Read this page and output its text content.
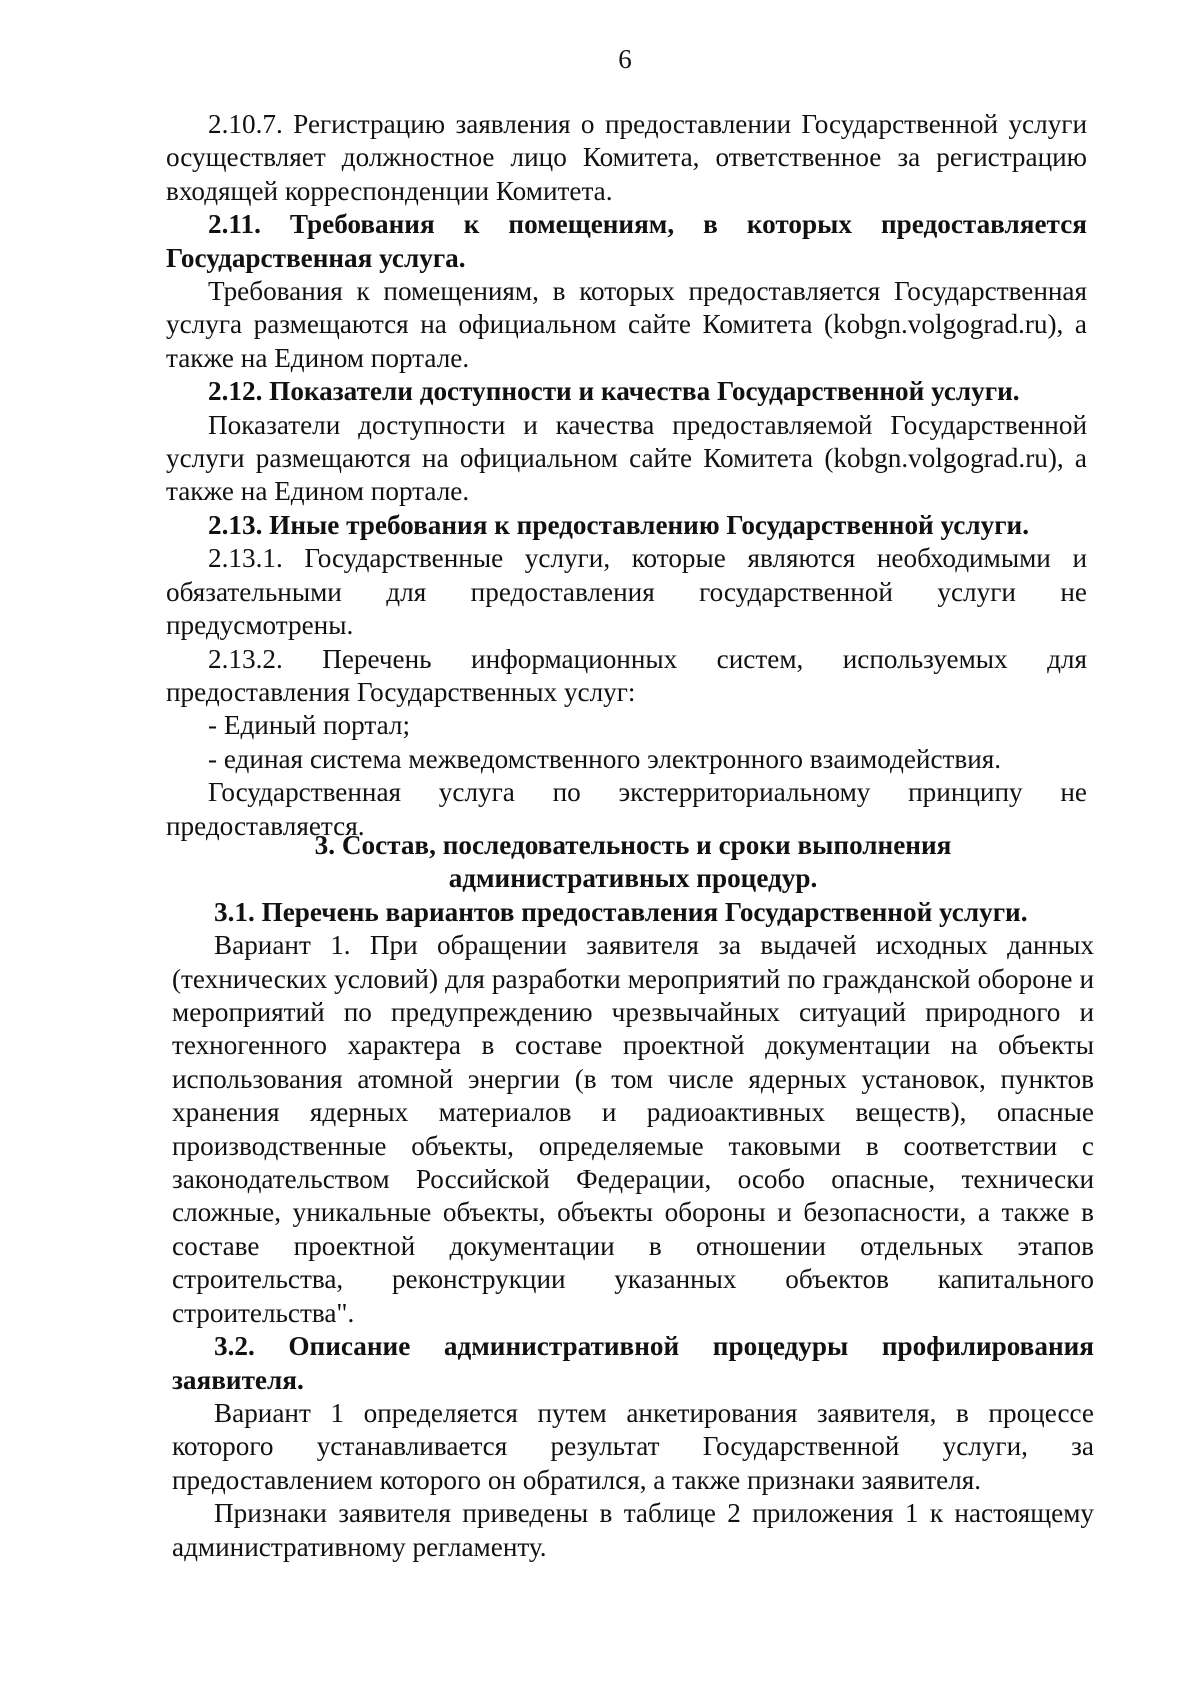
6

2.10.7. Регистрацию заявления о предоставлении Государственной услуги осуществляет должностное лицо Комитета, ответственное за регистрацию входящей корреспонденции Комитета.

2.11. Требования к помещениям, в которых предоставляется Государственная услуга.

Требования к помещениям, в которых предоставляется Государственная услуга размещаются на официальном сайте Комитета (kobgn.volgograd.ru), а также на Едином портале.

2.12. Показатели доступности и качества Государственной услуги.

Показатели доступности и качества предоставляемой Государственной услуги размещаются на официальном сайте Комитета (kobgn.volgograd.ru), а также на Едином портале.

2.13. Иные требования к предоставлению Государственной услуги.

2.13.1. Государственные услуги, которые являются необходимыми и обязательными для предоставления государственной услуги не предусмотрены.

2.13.2. Перечень информационных систем, используемых для предоставления Государственных услуг:

- Единый портал;

- единая система межведомственного электронного взаимодействия.

Государственная услуга по экстерриториальному принципу не предоставляется.

3. Состав, последовательность и сроки выполнения

административных процедур.

3.1. Перечень вариантов предоставления Государственной услуги.

Вариант 1. При обращении заявителя за выдачей исходных данных (технических условий) для разработки мероприятий по гражданской обороне и мероприятий по предупреждению чрезвычайных ситуаций природного и техногенного характера в составе проектной документации на объекты использования атомной энергии (в том числе ядерных установок, пунктов хранения ядерных материалов и радиоактивных веществ), опасные производственные объекты, определяемые таковыми в соответствии с законодательством Российской Федерации, особо опасные, технически сложные, уникальные объекты, объекты обороны и безопасности, а также в составе проектной документации в отношении отдельных этапов строительства, реконструкции указанных объектов капитального строительства".

3.2. Описание административной процедуры профилирования заявителя.

Вариант 1 определяется путем анкетирования заявителя, в процессе которого устанавливается результат Государственной услуги, за предоставлением которого он обратился, а также признаки заявителя.

Признаки заявителя приведены в таблице 2 приложения 1 к настоящему административному регламенту.
